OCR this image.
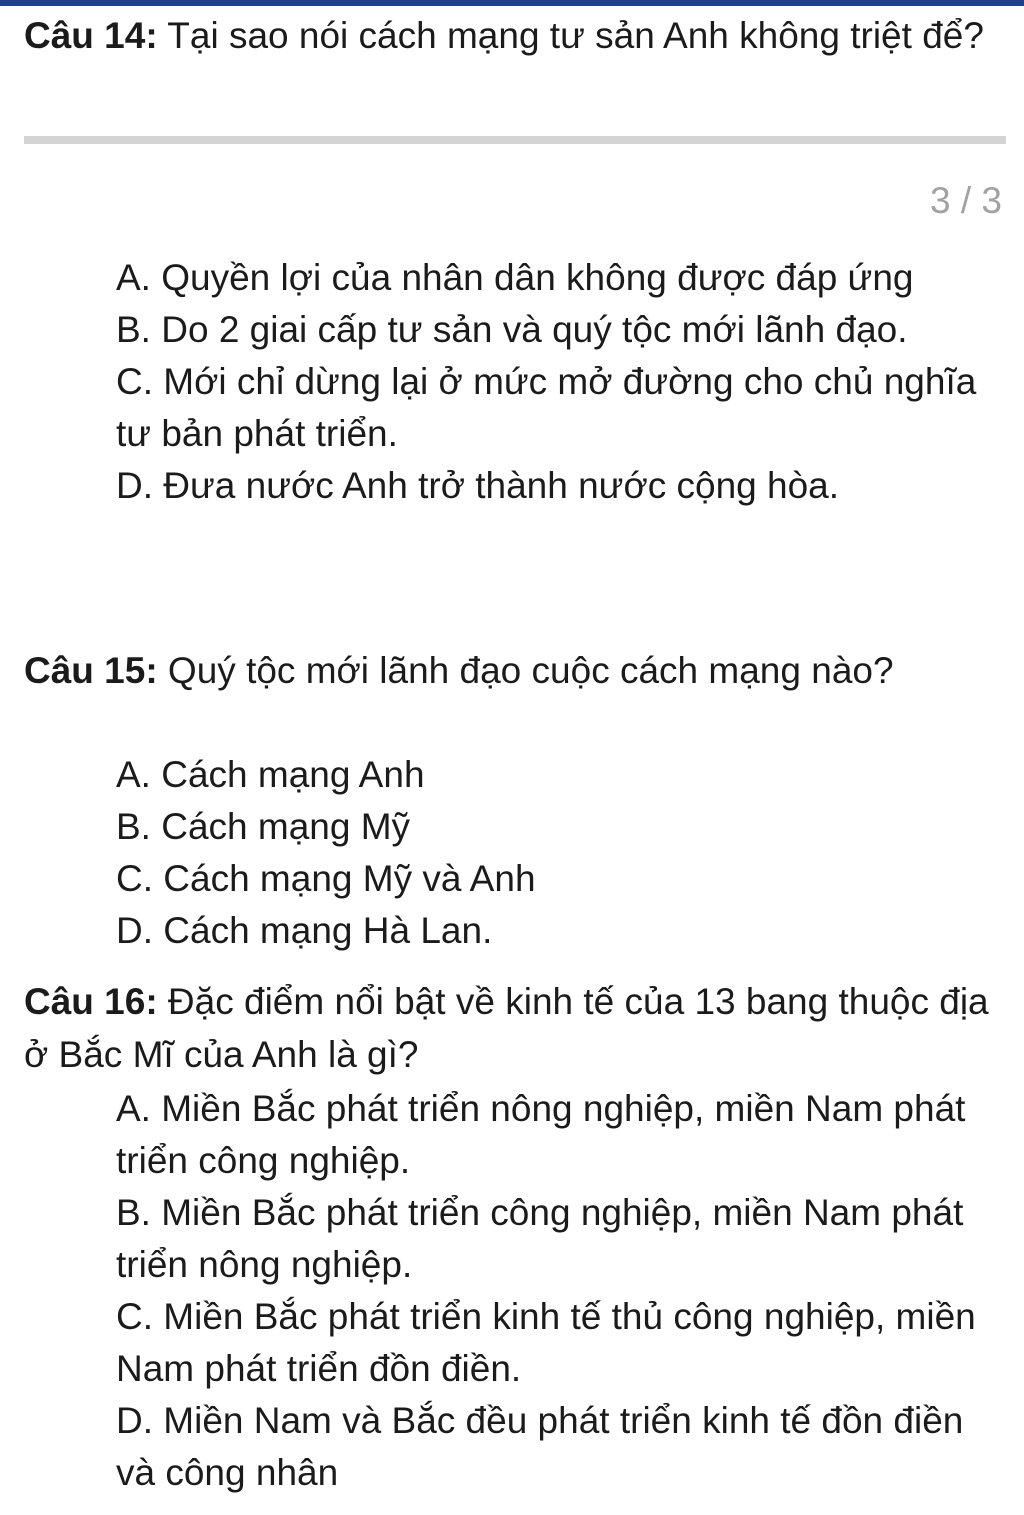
3 / 3

Câu 14: Tại sao nói cách mạng tư sản Anh không triệt để?

A. Quyền lợi của nhân dân không được đáp ứng

B. Do 2 giai cấp tư sản và quý tộc mới lãnh đạo.

C. Mới chỉ dừng lại ở mức mở đường cho chủ nghĩa tư bản phát triển.

D. Đưa nước Anh trở thành nước cộng hòa.

Câu 15: Quý tộc mới lãnh đạo cuộc cách mạng nào?

A. Cách mạng Anh

B. Cách mạng Mỹ

C. Cách mạng Mỹ và Anh

D. Cách mạng Hà Lan.

Câu 16: Đặc điểm nổi bật về kinh tế của 13 bang thuộc địa ở Bắc Mĩ của Anh là gì?

A. Miền Bắc phát triển nông nghiệp, miền Nam phát triển công nghiệp.

B. Miền Bắc phát triển công nghiệp, miền Nam phát triển nông nghiệp.

C. Miền Bắc phát triển kinh tế thủ công nghiệp, miền Nam phát triển đồn điền.

D. Miền Nam và Bắc đều phát triển kinh tế đồn điền và công nhân
